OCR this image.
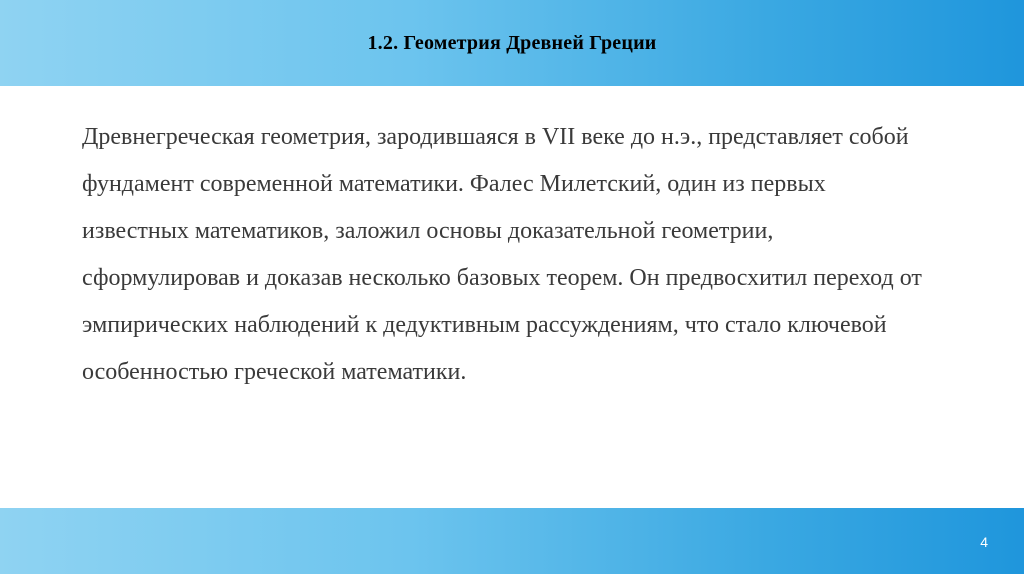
1.2. Геометрия Древней Греции

Древнегреческая геометрия, зародившаяся в VII веке до н.э., представляет собой
фундамент современной математики. Фалес Милетский, один из первых
известных математиков, заложил основы доказательной геометрии,
сформулировав и доказав несколько базовых теорем. Он предвосхитил переход от
эмпирических наблюдений к дедуктивным рассуждениям, что стало ключевой
особенностью греческой математики.

4
